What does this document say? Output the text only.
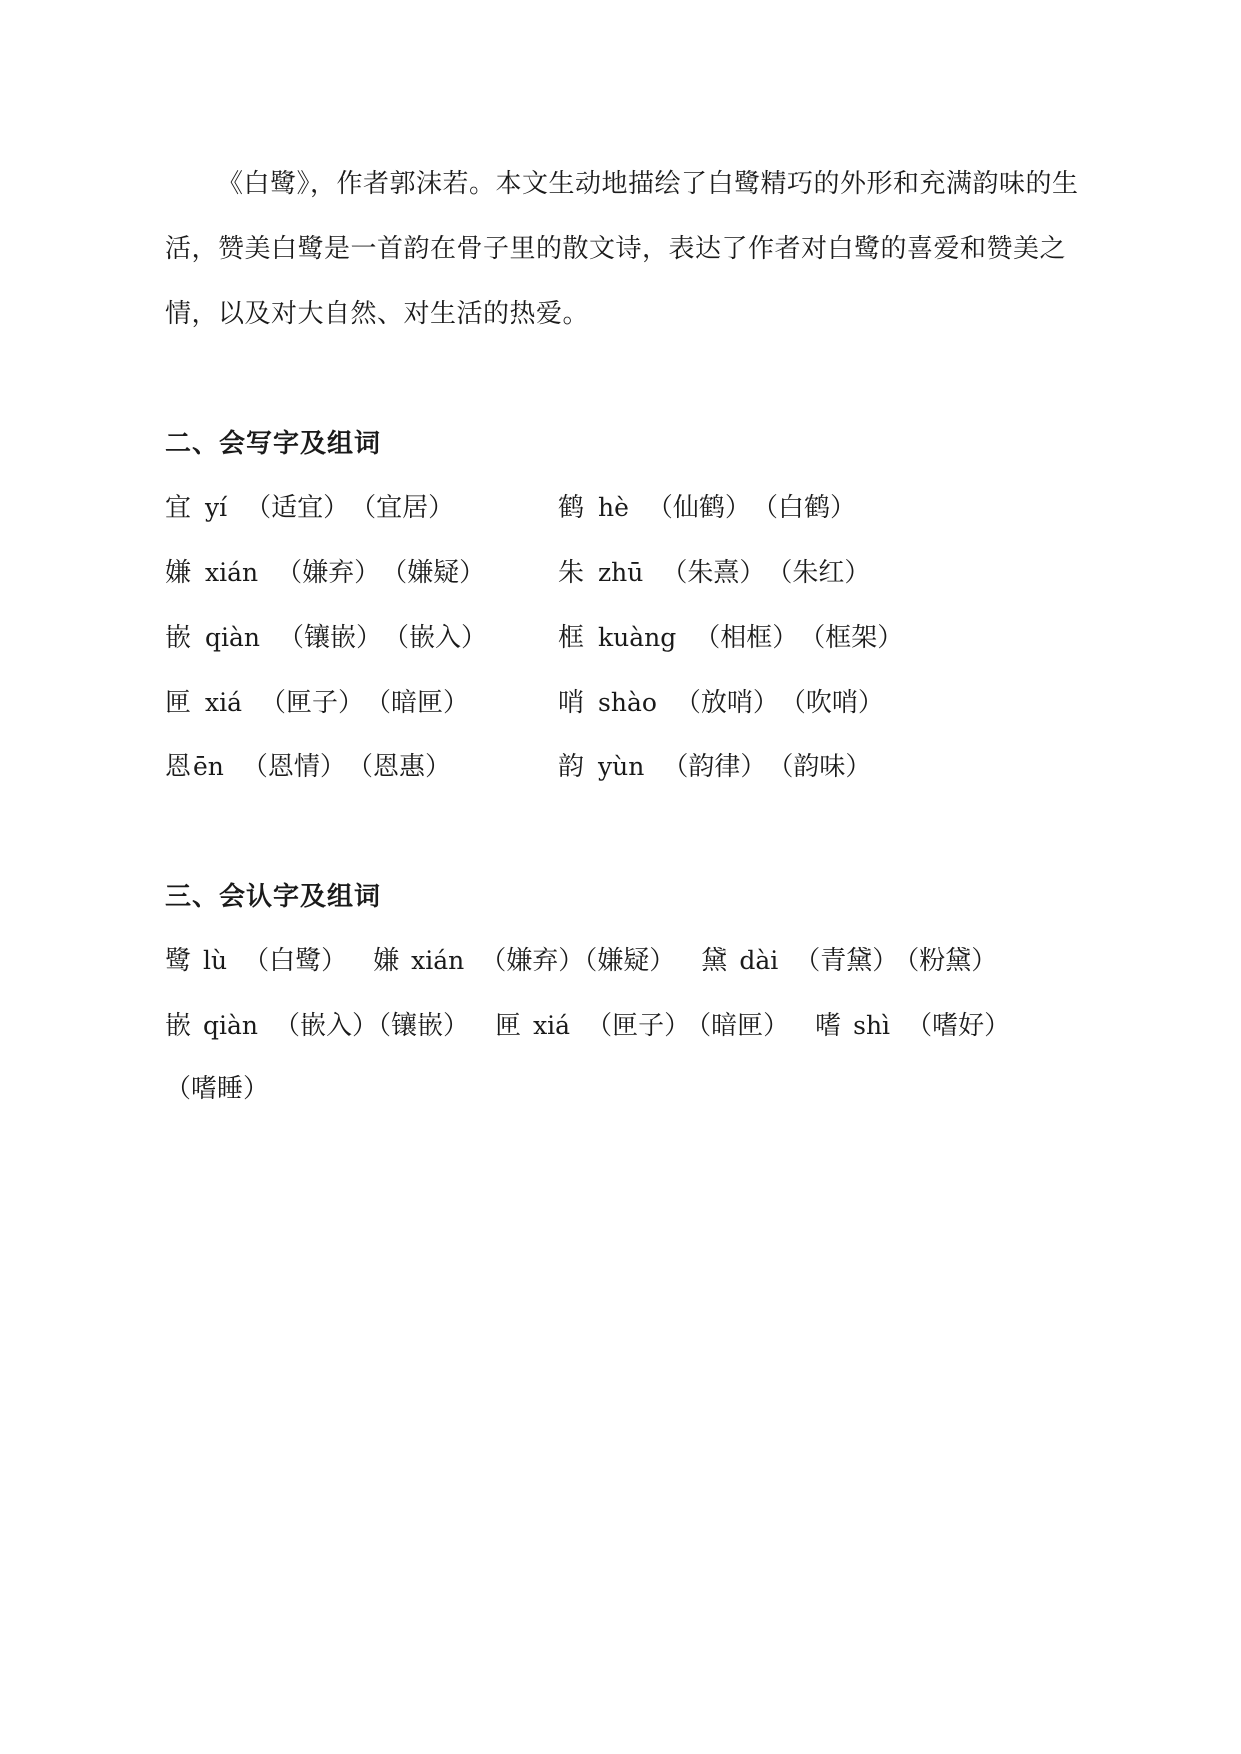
《白鹭》，作者郭沫若。本文生动地描绘了白鹭精巧的外形和充满韵味的生活，赞美白鹭是一首韵在骨子里的散文诗，表达了作者对白鹭的喜爱和赞美之情，以及对大自然、对生活的热爱。

二、会写字及组词
宜 yí （适宜） （宜居）	鹤 hè （仙鹤） （白鹤）
嫌 xián （嫌弃） （嫌疑）	朱 zhū （朱熹） （朱红）
嵌 qiàn （镶嵌） （嵌入）	框 kuàng （相框） （框架）
匣 xiá （匣子） （暗匣）	哨 shào （放哨） （吹哨）
恩ēn （恩情） （恩惠）	韵 yùn （韵律） （韵味）
三、会认字及组词

鹭 lù （白鹭） 嫌 xián （嫌弃）（嫌疑） 黛 dài （青黛） （粉黛）

嵌 qiàn （嵌入）（镶嵌） 匣 xiá （匣子） （暗匣） 嗜 shì （嗜好）

（嗜睡）
